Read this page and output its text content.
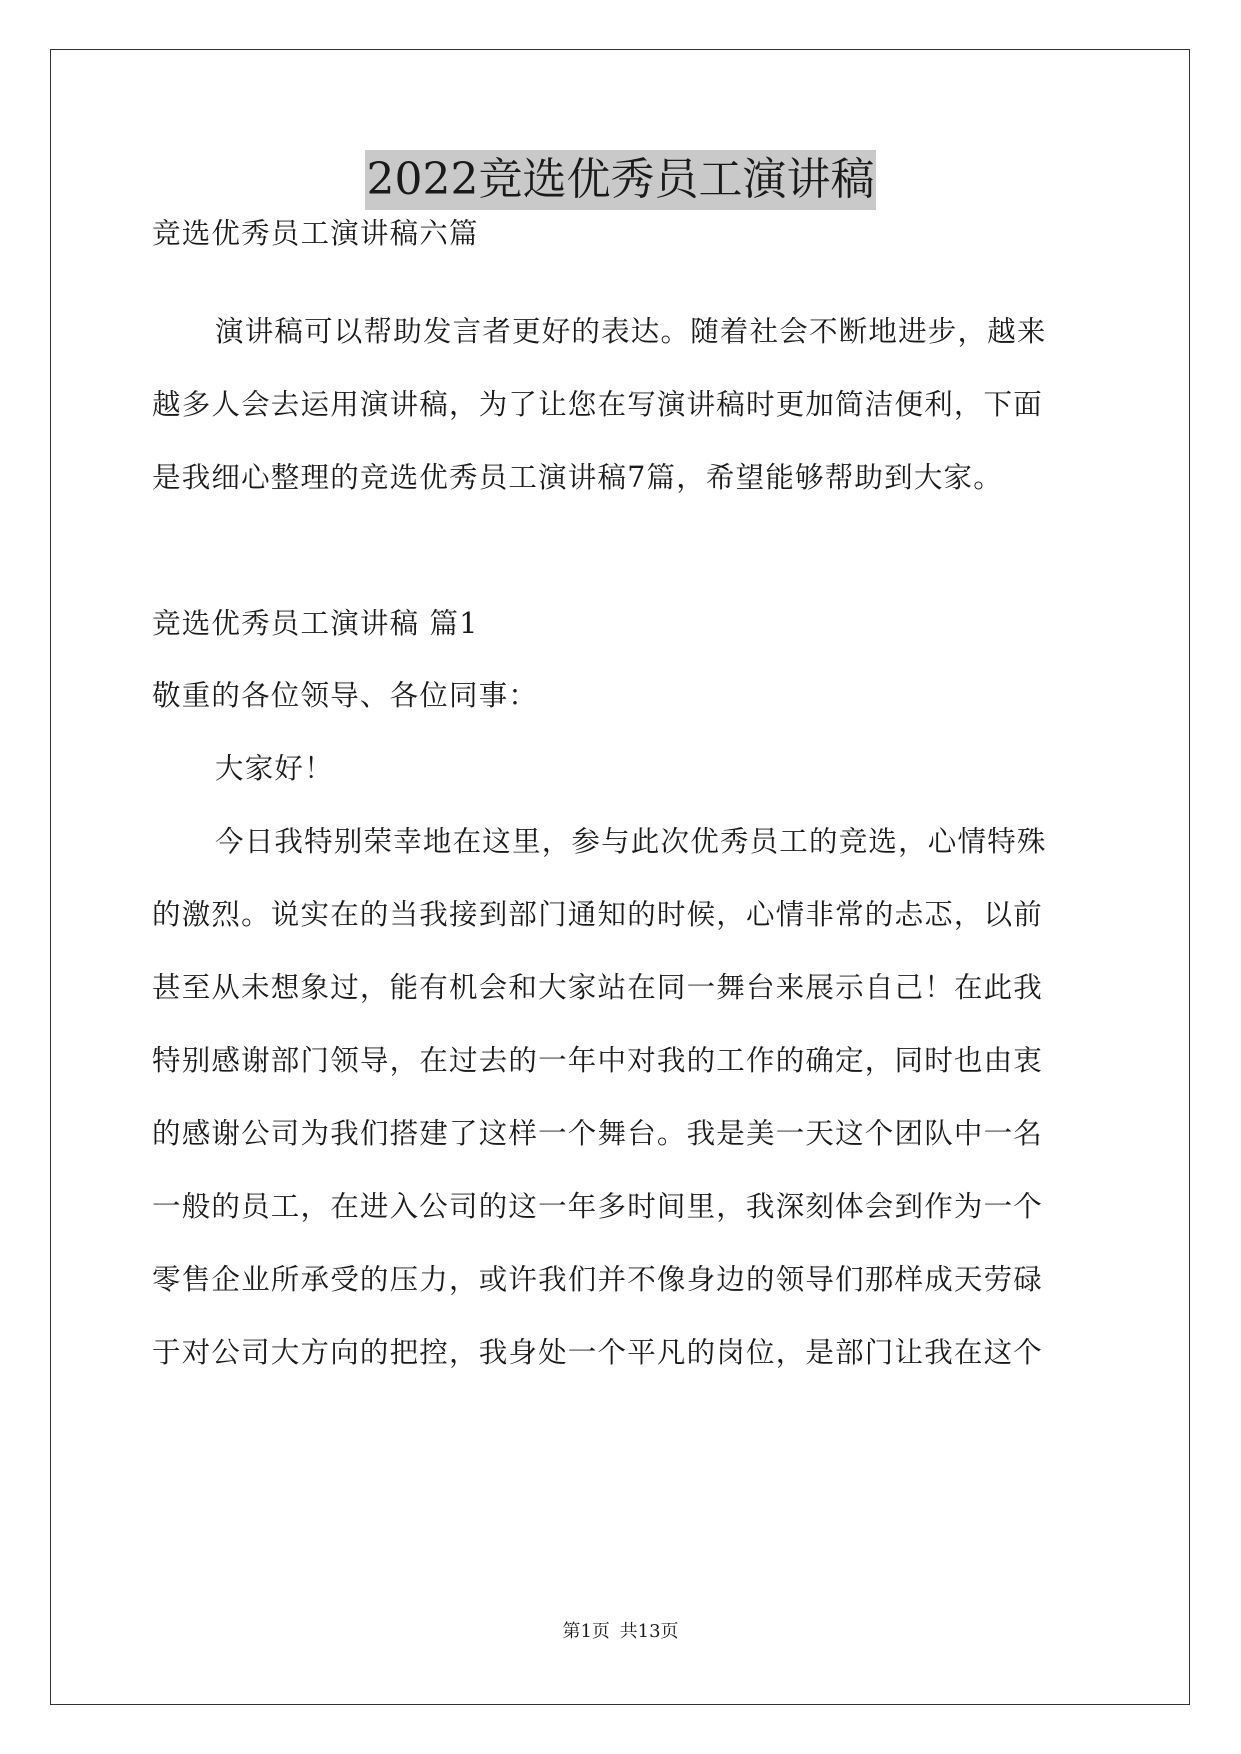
2022竞选优秀员工演讲稿
竞选优秀员工演讲稿六篇
演讲稿可以帮助发言者更好的表达。随着社会不断地进步，越来
越多人会去运用演讲稿，为了让您在写演讲稿时更加简洁便利，下面
是我细心整理的竞选优秀员工演讲稿7篇，希望能够帮助到大家。
竞选优秀员工演讲稿 篇1
敬重的各位领导、各位同事：
大家好！
今日我特别荣幸地在这里，参与此次优秀员工的竞选，心情特殊
的激烈。说实在的当我接到部门通知的时候，心情非常的忐忑，以前
甚至从未想象过，能有机会和大家站在同一舞台来展示自己！在此我
特别感谢部门领导，在过去的一年中对我的工作的确定，同时也由衷
的感谢公司为我们搭建了这样一个舞台。我是美一天这个团队中一名
一般的员工，在进入公司的这一年多时间里，我深刻体会到作为一个
零售企业所承受的压力，或许我们并不像身边的领导们那样成天劳碌
于对公司大方向的把控，我身处一个平凡的岗位，是部门让我在这个
第1页 共13页
